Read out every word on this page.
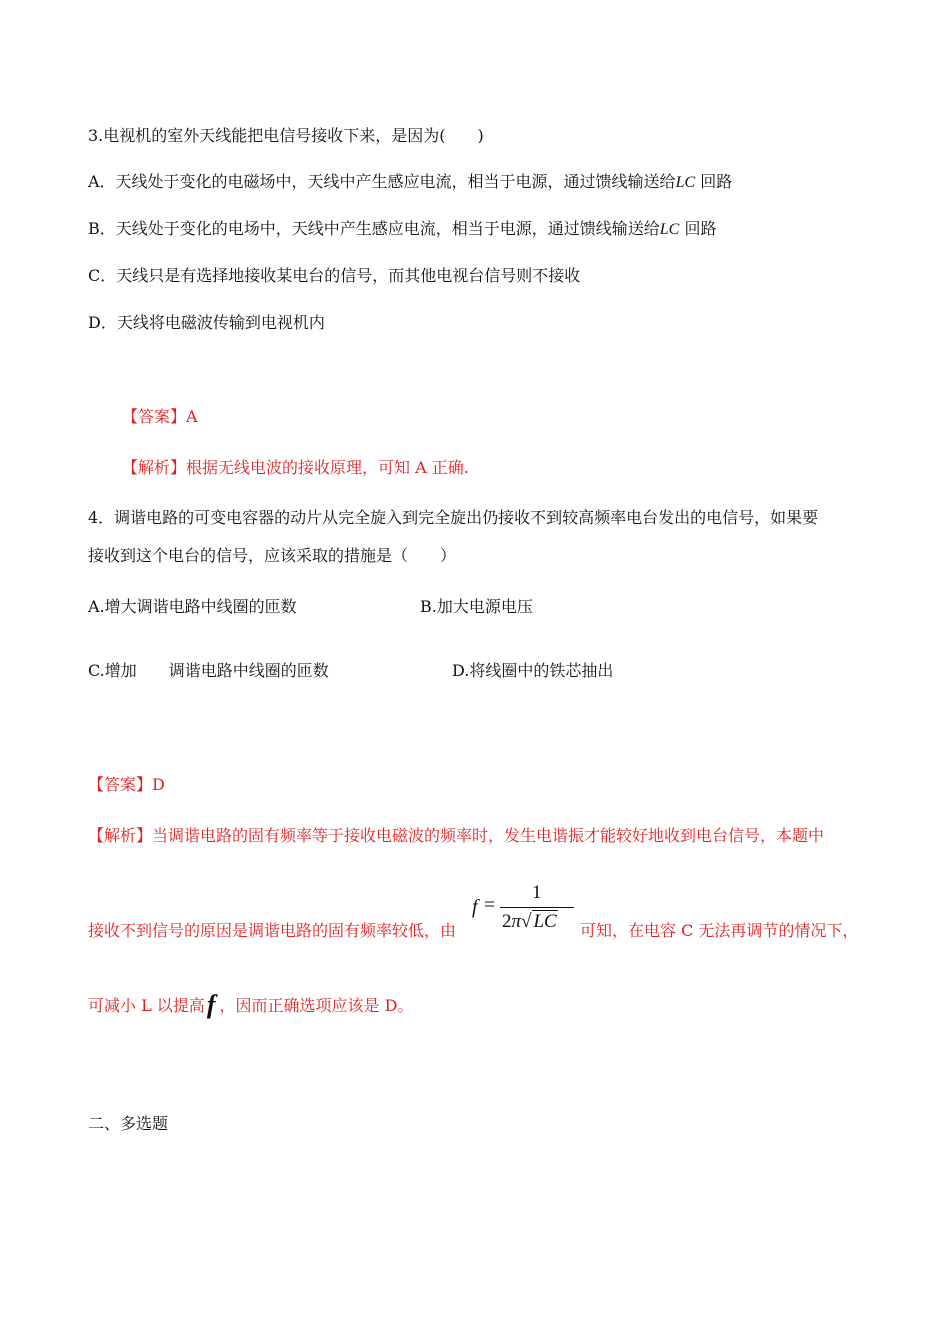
3.电视机的室外天线能把电信号接收下来，是因为(　　)
A．天线处于变化的电磁场中，天线中产生感应电流，相当于电源，通过馈线输送给LC 回路
B．天线处于变化的电场中，天线中产生感应电流，相当于电源，通过馈线输送给LC 回路
C．天线只是有选择地接收某电台的信号，而其他电视台信号则不接收
D．天线将电磁波传输到电视机内
【答案】A
【解析】根据无线电波的接收原理，可知 A 正确.
4．调谐电路的可变电容器的动片从完全旋入到完全旋出仍接收不到较高频率电台发出的电信号，如果要
接收到这个电台的信号，应该采取的措施是（　　）
A.增大调谐电路中线圈的匝数	B.加大电源电压
C.增加　　调谐电路中线圈的匝数	D.将线圈中的铁芯抽出
【答案】D
【解析】当调谐电路的固有频率等于接收电磁波的频率时，发生电谐振才能较好地收到电台信号，本题中
接收不到信号的原因是调谐电路的固有频率较低，由
f =
1
2π√ LC 可知，在电容 C 无法再调节的情况下，
可减小 L 以提高f ，因而正确选项应该是 D。
二、多选题
